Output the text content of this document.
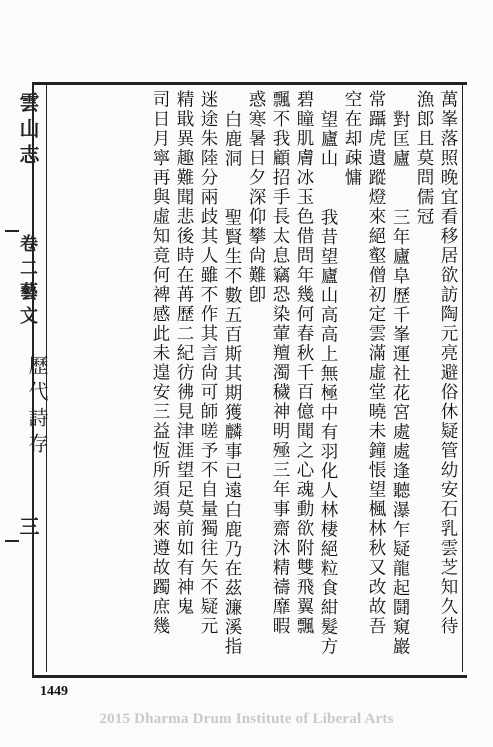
雲山志
卷二藝文
歷代詩存
三	萬峯落照晚宜看移居欲訪陶元亮避俗休疑管幼安石乳雲芝知久待
漁郎且莫問儒冠
對匡廬
三年廬阜歷千峯運社花宮處處逢聽瀑乍疑龍起鬪窺巖
常躡虎遺蹤燈來絕壑僧初定雲滿虛堂曉未鐘悵望楓林秋又改故吾
空在却疎慵
望廬山
我昔望廬山高高上無極中有羽化人林棲絕粒食紺髮方
碧瞳肌膚冰玉色借問年幾何春秋千百億聞之心魂動欲附雙飛翼飄
飄不我顧招手長太息竊恐染葷羶濁穢神明殛三年事齋沐精禱靡暇
惑寒暑日夕深仰攀尙難卽
白鹿洞
聖賢生不數五百斯其期獲麟事已遠白鹿乃在茲濂溪指
迷途朱陸分兩歧其人雖不作其言尙可師嗟予不自量獨往矢不疑元
精戢異趣難聞悲後時在苒歷二紀彷彿見津涯望足莫前如有神鬼
司日月寧再與虛知竟何裨感此未遑安三益恆所須竭來遵故躅庶幾
1449
2015 Dharma Drum Institute of Liberal Arts
